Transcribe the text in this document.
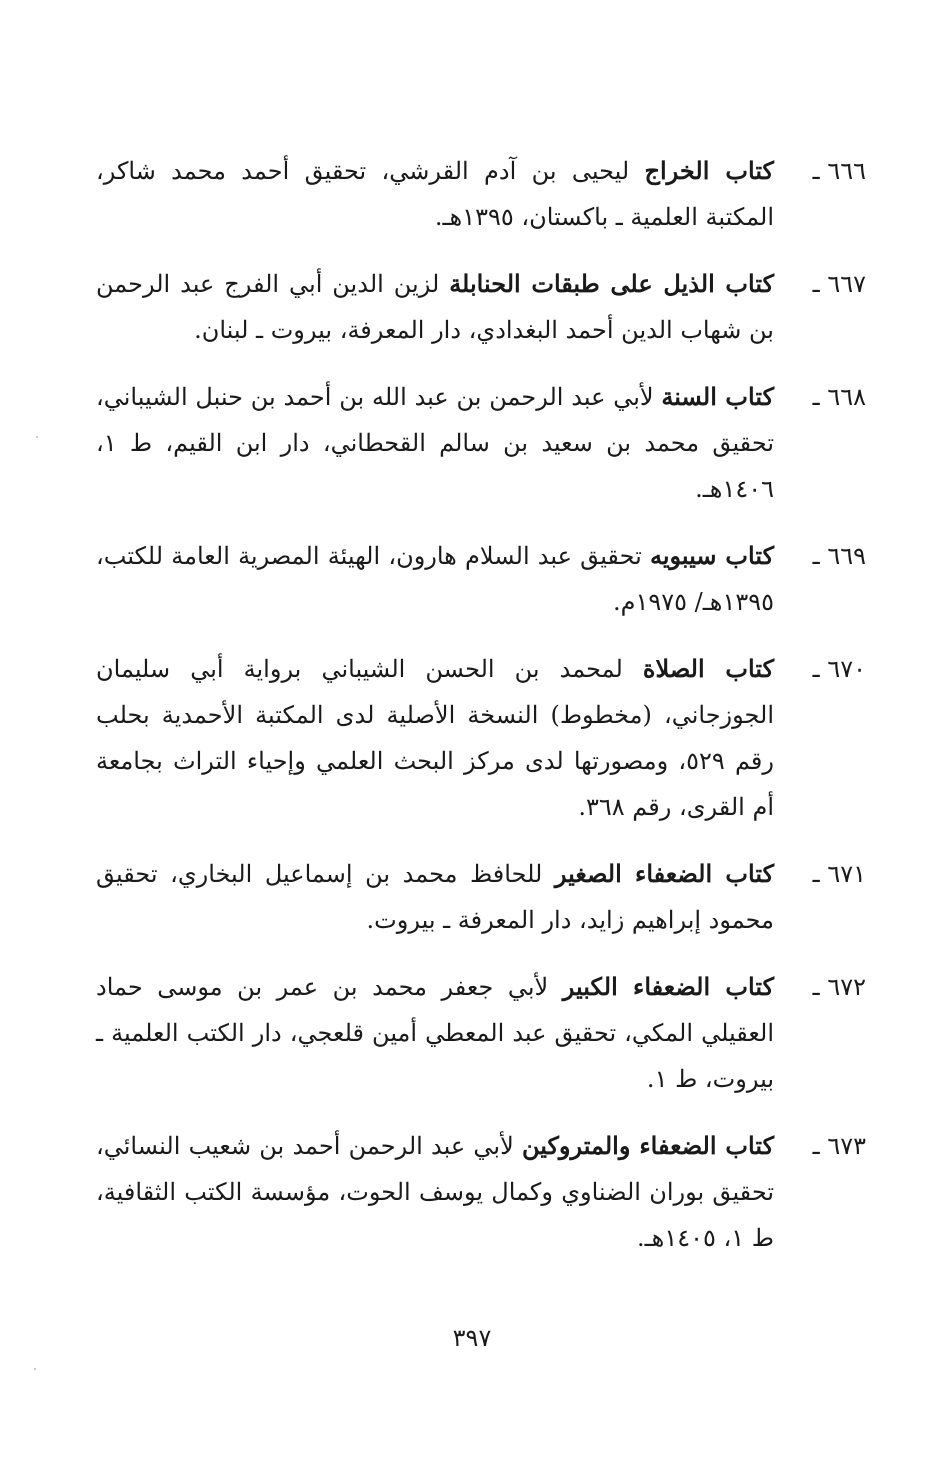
٦٦٦ ـ
كتاب الخراج ليحيى بن آدم القرشي، تحقيق أحمد محمد شاكر، المكتبة العلمية ـ باكستان، ١٣٩٥هـ.
٦٦٧ ـ
كتاب الذيل على طبقات الحنابلة لزين الدين أبي الفرج عبد الرحمن بن شهاب الدين أحمد البغدادي، دار المعرفة، بيروت ـ لبنان.
٦٦٨ ـ
كتاب السنة لأبي عبد الرحمن بن عبد الله بن أحمد بن حنبل الشيباني، تحقيق محمد بن سعيد بن سالم القحطاني، دار ابن القيم، ط ١، ١٤٠٦هـ.
٦٦٩ ـ
كتاب سيبويه تحقيق عبد السلام هارون، الهيئة المصرية العامة للكتب، ١٣٩٥هـ/ ١٩٧٥م.
٦٧٠ ـ
كتاب الصلاة لمحمد بن الحسن الشيباني برواية أبي سليمان الجوزجاني، (مخطوط) النسخة الأصلية لدى المكتبة الأحمدية بحلب رقم ٥٢٩، ومصورتها لدى مركز البحث العلمي وإحياء التراث بجامعة أم القرى، رقم ٣٦٨.
٦٧١ ـ
كتاب الضعفاء الصغير للحافظ محمد بن إسماعيل البخاري، تحقيق محمود إبراهيم زايد، دار المعرفة ـ بيروت.
٦٧٢ ـ
كتاب الضعفاء الكبير لأبي جعفر محمد بن عمر بن موسى حماد العقيلي المكي، تحقيق عبد المعطي أمين قلعجي، دار الكتب العلمية ـ بيروت، ط ١.
٦٧٣ ـ
كتاب الضعفاء والمتروكين لأبي عبد الرحمن أحمد بن شعيب النسائي، تحقيق بوران الضناوي وكمال يوسف الحوت، مؤسسة الكتب الثقافية، ط ١، ١٤٠٥هـ.
٣٩٧
